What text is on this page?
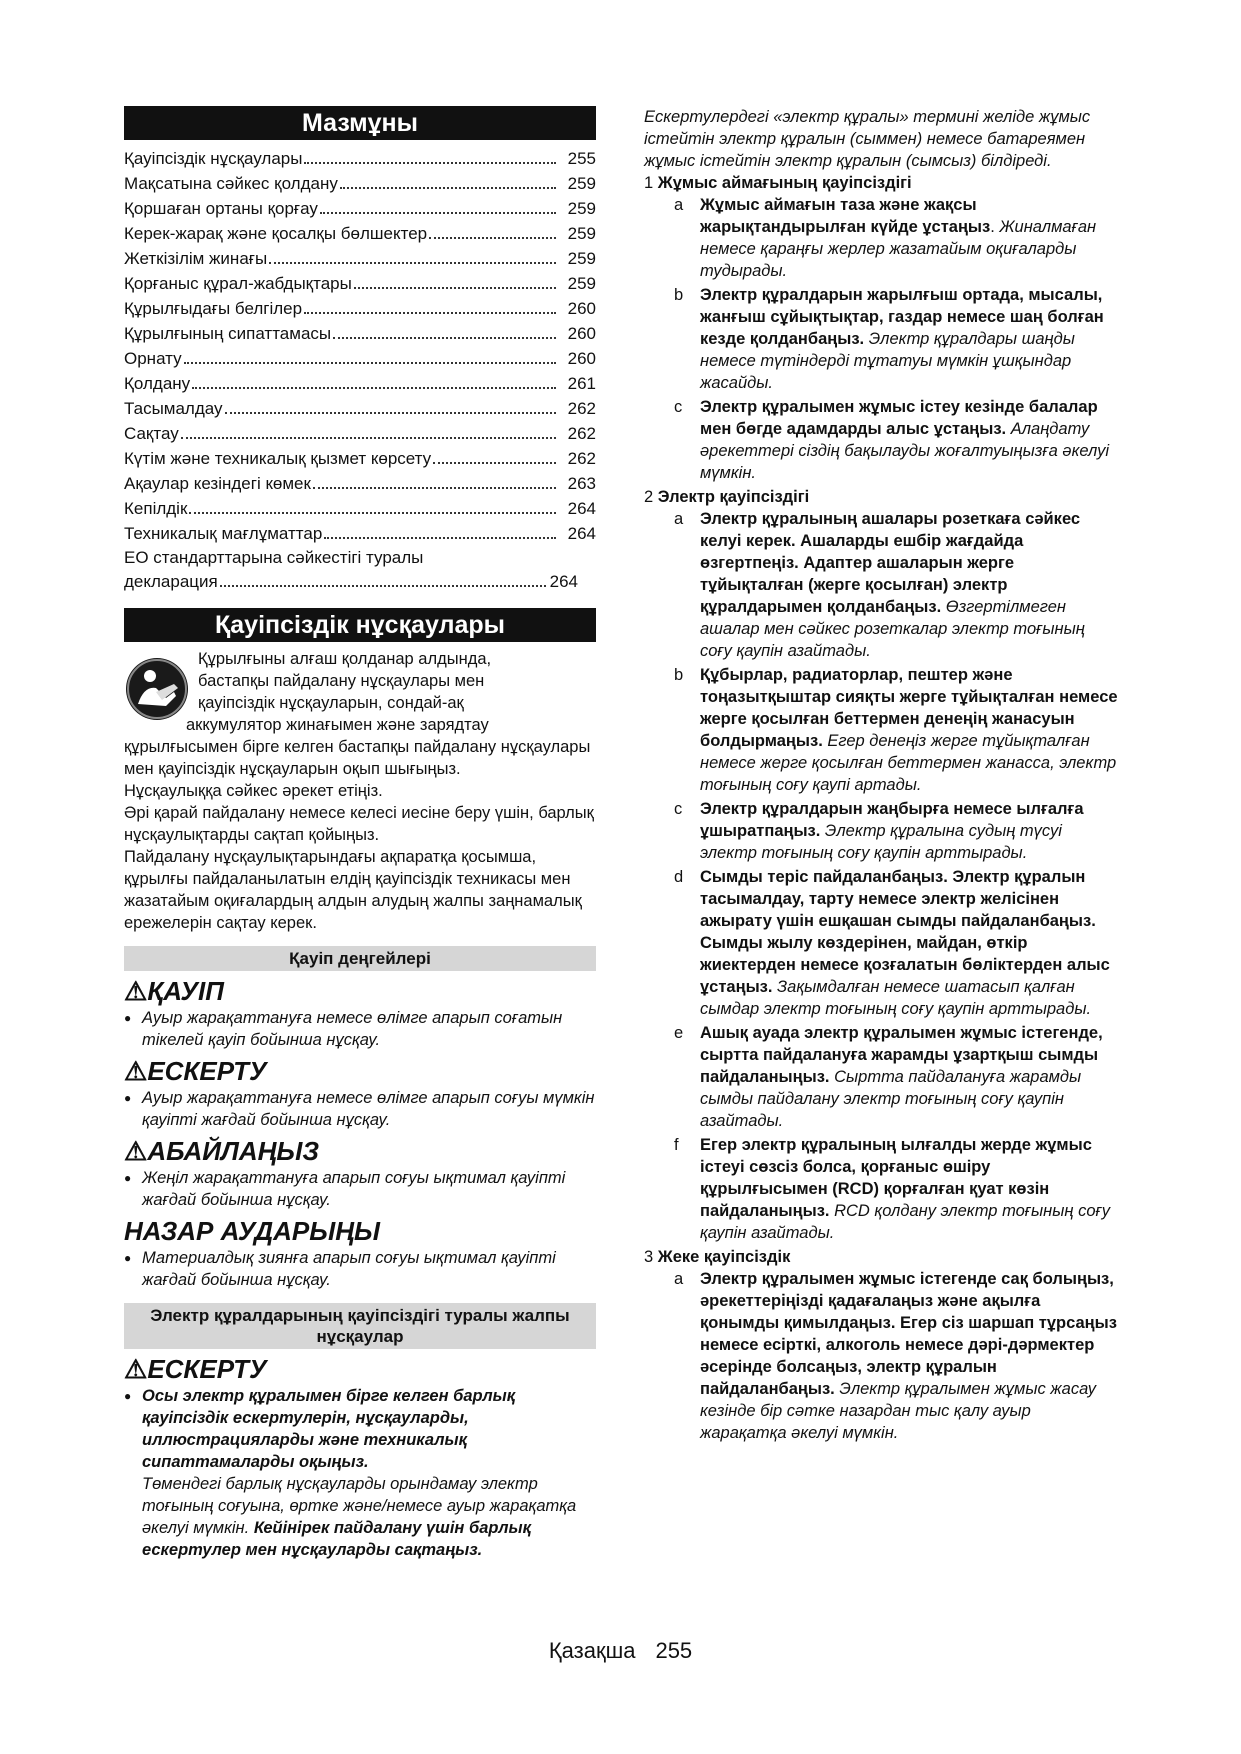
Мазмұны
Қауіпсіздік нұсқаулары	255
Мақсатына сәйкес қолдану	259
Қоршаған ортаны қорғау	259
Керек-жарақ және қосалқы бөлшектер	259
Жеткізілім жинағы	259
Қорғаныс құрал-жабдықтары	259
Құрылғыдағы белгілер	260
Құрылғының сипаттамасы	260
Орнату	260
Қолдану	261
Тасымалдау	262
Сақтау	262
Күтім және техникалық қызмет көрсету	262
Ақаулар кезіндегі көмек	263
Кепілдік	264
Техникалық мағлұматтар	264
ЕО стандарттарына сәйкестігі туралы
декларация	264
Қауіпсіздік нұсқаулары
Құрылғыны алғаш қолданар алдында,
бастапқы пайдалану нұсқаулары мен
қауіпсіздік нұсқауларын, сондай-ақ
аккумулятор жинағымен және зарядтау
құрылғысымен бірге келген бастапқы пайдалану нұсқаулары мен қауіпсіздік нұсқауларын оқып шығыңыз.
Нұсқаулыққа сәйкес әрекет етіңіз.
Әрі қарай пайдалану немесе келесі иесіне беру үшін, барлық нұсқаулықтарды сақтап қойыңыз.
Пайдалану нұсқаулықтарындағы ақпаратқа қосымша, құрылғы пайдаланылатын елдің қауіпсіздік техникасы мен жазатайым оқиғалардың алдын алудың жалпы заңнамалық ережелерін сақтау керек.
Қауіп деңгейлері
⚠ҚАУІП
● Ауыр жарақаттануға немесе өлімге апарып соғатын тікелей қауіп бойынша нұсқау.
⚠ЕСКЕРТУ
● Ауыр жарақаттануға немесе өлімге апарып соғуы мүмкін қауіпті жағдай бойынша нұсқау.
⚠АБАЙЛАҢЫЗ
● Жеңіл жарақаттануға апарып соғуы ықтимал қауіпті жағдай бойынша нұсқау.
НАЗАР АУДАРЫҢЫ
● Материалдық зиянға апарып соғуы ықтимал қауіпті жағдай бойынша нұсқау.
Электр құралдарының қауіпсіздігі туралы жалпы нұсқаулар
⚠ЕСКЕРТУ
● Осы электр құралымен бірге келген барлық қауіпсіздік ескертулерін, нұсқауларды, иллюстрацияларды және техникалық сипаттамаларды оқыңыз.
Төмендегі барлық нұсқауларды орындамау электр тоғының соғуына, өртке және/немесе ауыр жарақатқа әкелуі мүмкін. Кейінірек пайдалану үшін барлық ескертулер мен нұсқауларды сақтаңыз.
Ескертулердегі «электр құралы» термині желіде жұмыс істейтін электр құралын (сыммен) немесе батареямен жұмыс істейтін электр құралын (сымсыз) білдіреді.
1 Жұмыс аймағының қауіпсіздігі
a Жұмыс аймағын таза және жақсы жарықтандырылған күйде ұстаңыз. Жиналмаған немесе қараңғы жерлер жазатайым оқиғаларды тудырады.
b Электр құралдарын жарылғыш ортада, мысалы, жанғыш сұйықтықтар, газдар немесе шаң болған кезде қолданбаңыз. Электр құралдары шаңды немесе түтіндерді тұтатуы мүмкін ұшқындар жасайды.
c Электр құралымен жұмыс істеу кезінде балалар мен бөгде адамдарды алыс ұстаңыз. Алаңдату әрекеттері сіздің бақылауды жоғалтуыңызға әкелуі мүмкін.
2 Электр қауіпсіздігі
a Электр құралының ашалары розеткаға сәйкес келуі керек. Ашаларды ешбір жағдайда өзгертпеңіз. Адаптер ашаларын жерге тұйықталған (жерге қосылған) электр құралдарымен қолданбаңыз. Өзгертілмеген ашалар мен сәйкес розеткалар электр тоғының соғу қаупін азайтады.
b Құбырлар, радиаторлар, пештер және тоңазытқыштар сияқты жерге тұйықталған немесе жерге қосылған беттермен денеңің жанасуын болдырмаңыз. Егер денеңіз жерге тұйықталған немесе жерге қосылған беттермен жанасса, электр тоғының соғу қаупі артады.
c Электр құралдарын жаңбырға немесе ылғалға ұшыратпаңыз. Электр құралына судың түсуі электр тоғының соғу қаупін арттырады.
d Сымды теріс пайдаланбаңыз. Электр құралын тасымалдау, тарту немесе электр желісінен ажырату үшін ешқашан сымды пайдаланбаңыз. Сымды жылу көздерінен, майдан, өткір жиектерден немесе қозғалатын бөліктерден алыс ұстаңыз. Зақымдалған немесе шатасып қалған сымдар электр тоғының соғу қаупін арттырады.
e Ашық ауада электр құралымен жұмыс істегенде, сыртта пайдалануға жарамды ұзартқыш сымды пайдаланыңыз. Сыртта пайдалануға жарамды сымды пайдалану электр тоғының соғу қаупін азайтады.
f Егер электр құралының ылғалды жерде жұмыс істеуі сөзсіз болса, қорғаныс өшіру құрылғысымен (RCD) қорғалған қуат көзін пайдаланыңыз. RCD қолдану электр тоғының соғу қаупін азайтады.
3 Жеке қауіпсіздік
a Электр құралымен жұмыс істегенде сақ болыңыз, әрекеттеріңізді қадағалаңыз және ақылға қонымды қимылдаңыз. Егер сіз шаршап тұрсаңыз немесе есірткі, алкоголь немесе дәрі-дәрмектер әсерінде болсаңыз, электр құралын пайдаланбаңыз. Электр құралымен жұмыс жасау кезінде бір сәтке назардан тыс қалу ауыр жарақатқа әкелуі мүмкін.
Қазақша 255
